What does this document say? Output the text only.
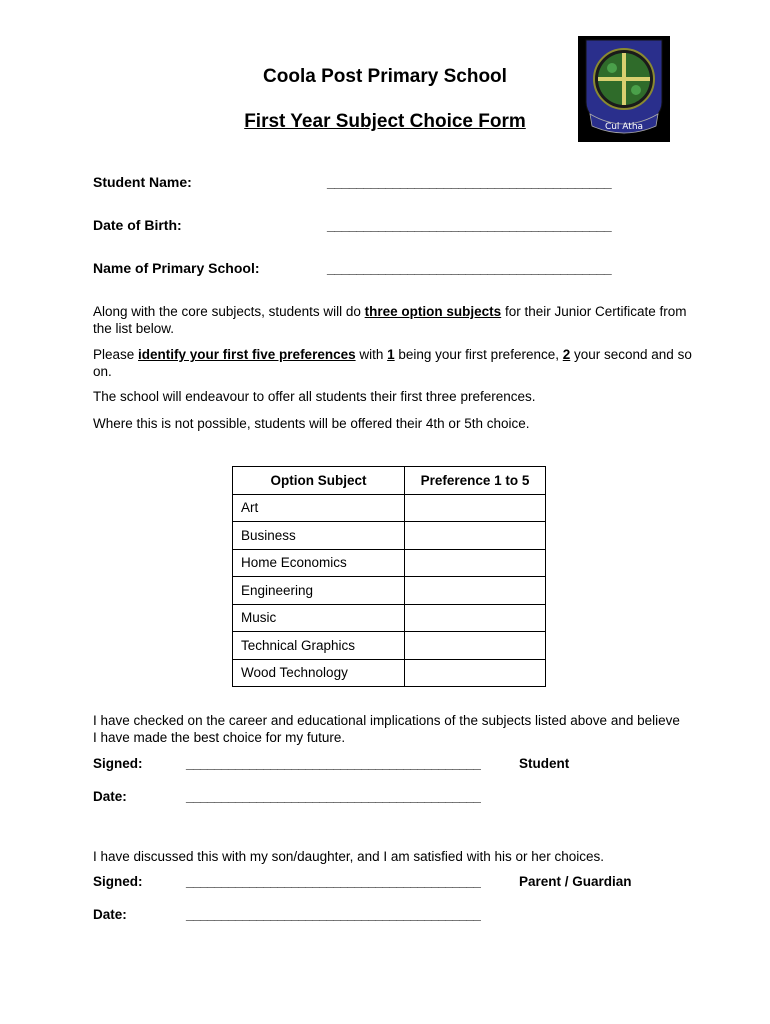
Coola Post Primary School
First Year Subject Choice Form	Cul Atha
Student Name:	_______________________________________
Date of Birth:	_______________________________________
Name of Primary School:	_______________________________________
Along with the core subjects, students will do three option subjects for their Junior Certificate from the list below.
Please identify your first five preferences with 1 being your first preference, 2 your second and so on.
The school will endeavour to offer all students their first three preferences.
Where this is not possible, students will be offered their 4th or 5th choice.
Option Subject	Preference 1 to 5
Art	
Business	
Home Economics	
Engineering	
Music	
Technical Graphics	
Wood Technology	
I have checked on the career and educational implications of the subjects listed above and believe I have made the best choice for my future.
Signed:	__________________________________________	Student
Date:	__________________________________________
I have discussed this with my son/daughter, and I am satisfied with his or her choices.
Signed:	__________________________________________	Parent / Guardian
Date:	__________________________________________
